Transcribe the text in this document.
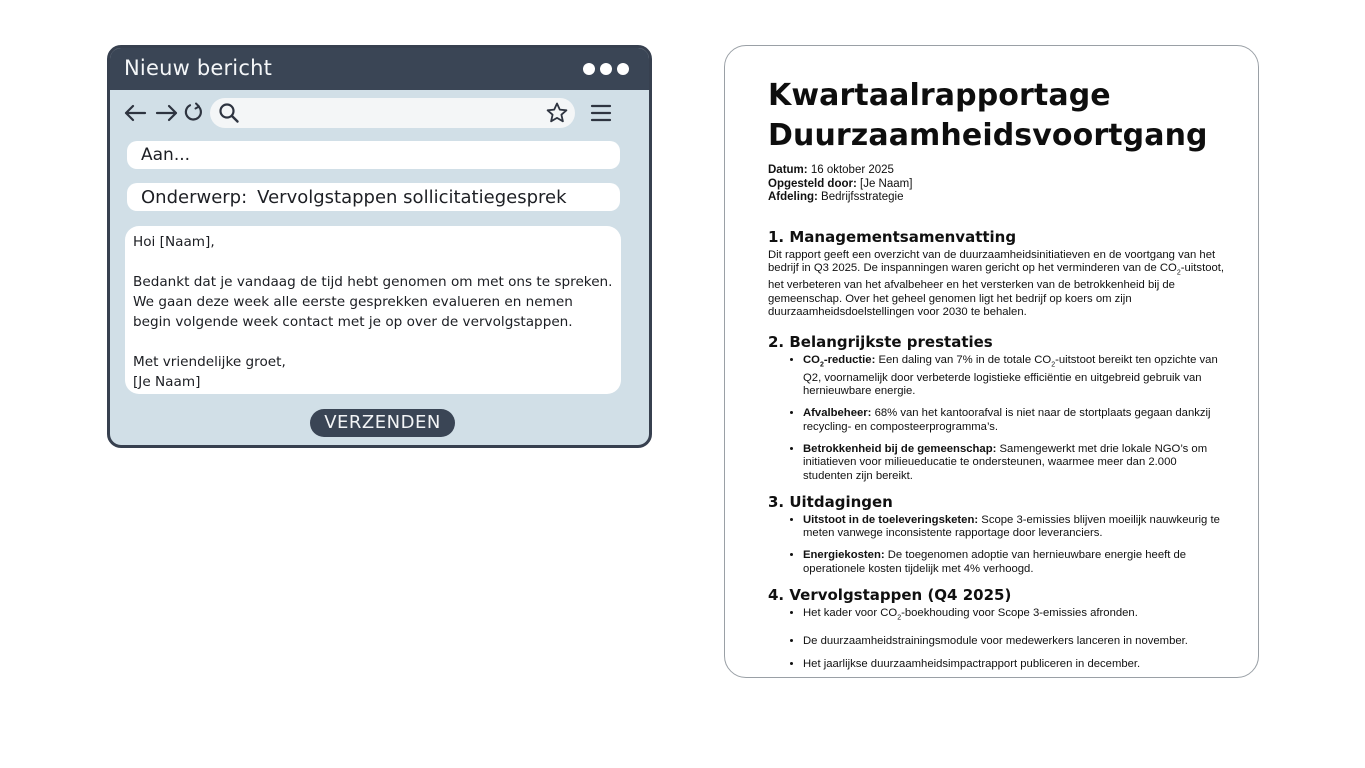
Nieuw bericht
Aan...
Onderwerp: Vervolgstappen sollicitatiegesprek

Hoi [Naam],

Bedankt dat je vandaag de tijd hebt genomen om met ons te spreken. We gaan deze week alle eerste gesprekken evalueren en nemen begin volgende week contact met je op over de vervolgstappen.

Met vriendelijke groet,

[Je Naam]

VERZENDEN
Kwartaalrapportage
Duurzaamheidsvoortgang
Datum: 16 oktober 2025
Opgesteld door: [Je Naam]
Afdeling: Bedrijfsstrategie
1. Managementsamenvatting

Dit rapport geeft een overzicht van de duurzaamheidsinitiatieven en de voortgang van het bedrijf in Q3 2025. De inspanningen waren gericht op het verminderen van de $CO_2$-uitstoot, het verbeteren van het afvalbeheer en het versterken van de betrokkenheid bij de gemeenschap. Over het geheel genomen ligt het bedrijf op koers om zijn duurzaamheidsdoelstellingen voor 2030 te behalen.

2. Belangrijkste prestaties
• $CO_2$-reductie: Een daling van 7% in de totale $CO_2$-uitstoot bereikt ten opzichte van Q2, voornamelijk door verbeterde logistieke efficiëntie en uitgebreid gebruik van hernieuwbare energie.
• Afvalbeheer: 68% van het kantoorafval is niet naar de stortplaats gegaan dankzij recycling- en composteerprogramma’s.
• Betrokkenheid bij de gemeenschap: Samengewerkt met drie lokale NGO’s om initiatieven voor milieueducatie te ondersteunen, waarmee meer dan 2.000 studenten zijn bereikt.
3. Uitdagingen
• Uitstoot in de toeleveringsketen: Scope 3-emissies blijven moeilijk nauwkeurig te meten vanwege inconsistente rapportage door leveranciers.
• Energiekosten: De toegenomen adoptie van hernieuwbare energie heeft de operationele kosten tijdelijk met 4% verhoogd.
4. Vervolgstappen (Q4 2025)
• Het kader voor $CO_2$-boekhouding voor Scope 3-emissies afronden.
• De duurzaamheidstrainingsmodule voor medewerkers lanceren in november.
• Het jaarlijkse duurzaamheidsimpactrapport publiceren in december.
